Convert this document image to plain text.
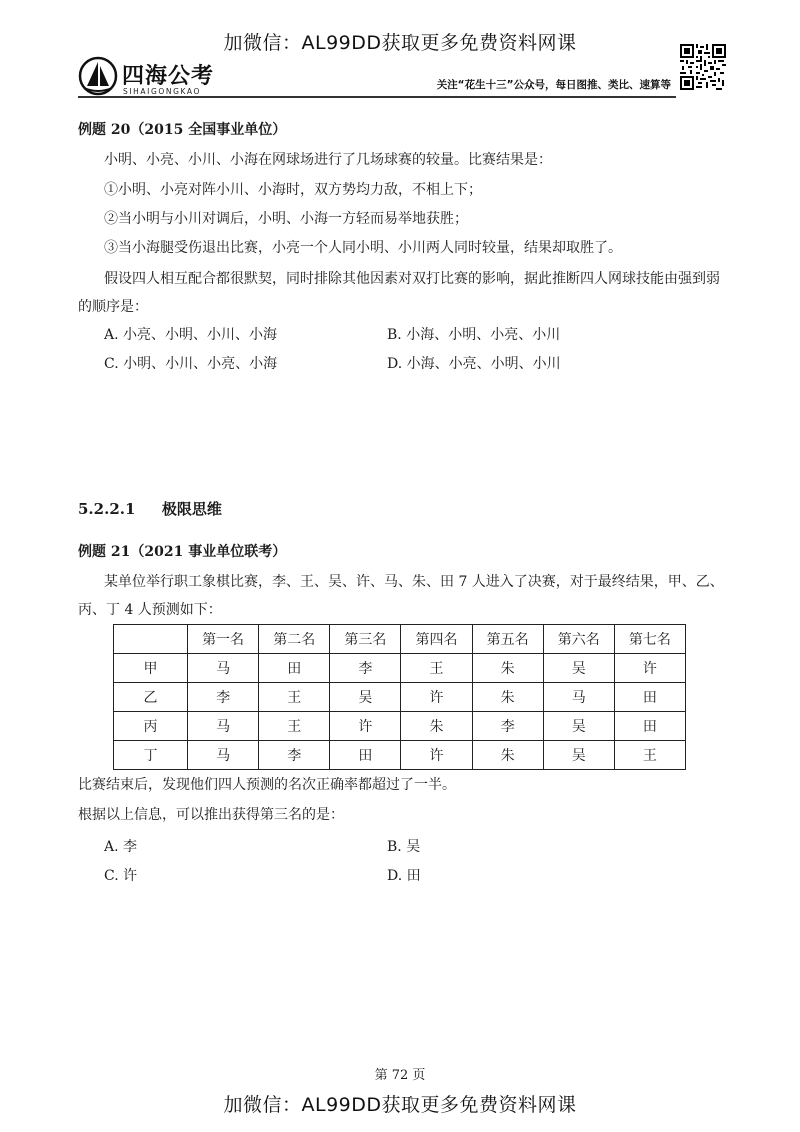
加微信：AL99DD获取更多免费资料网课
四海公考
SIHAIGONGKAO
关注“花生十三”公众号，每日图推、类比、速算等
例题 20（2015 全国事业单位）
小明、小亮、小川、小海在网球场进行了几场球赛的较量。比赛结果是：
①小明、小亮对阵小川、小海时，双方势均力敌，不相上下；
②当小明与小川对调后，小明、小海一方轻而易举地获胜；
③当小海腿受伤退出比赛，小亮一个人同小明、小川两人同时较量，结果却取胜了。
假设四人相互配合都很默契，同时排除其他因素对双打比赛的影响，据此推断四人网球技能由强到弱
的顺序是：
A. 小亮、小明、小川、小海	B. 小海、小明、小亮、小川
C. 小明、小川、小亮、小海	D. 小海、小亮、小明、小川
5.2.2.1 极限思维
例题 21（2021 事业单位联考）
某单位举行职工象棋比赛，李、王、吴、许、马、朱、田 7 人进入了决赛，对于最终结果，甲、乙、
丙、丁 4 人预测如下：
	第一名	第二名	第三名	第四名	第五名	第六名	第七名
甲	马	田	李	王	朱	吴	许
乙	李	王	吴	许	朱	马	田
丙	马	王	许	朱	李	吴	田
丁	马	李	田	许	朱	吴	王
比赛结束后，发现他们四人预测的名次正确率都超过了一半。
根据以上信息，可以推出获得第三名的是：
A. 李	B. 吴
C. 许	D. 田
第 72 页
加微信：AL99DD获取更多免费资料网课
